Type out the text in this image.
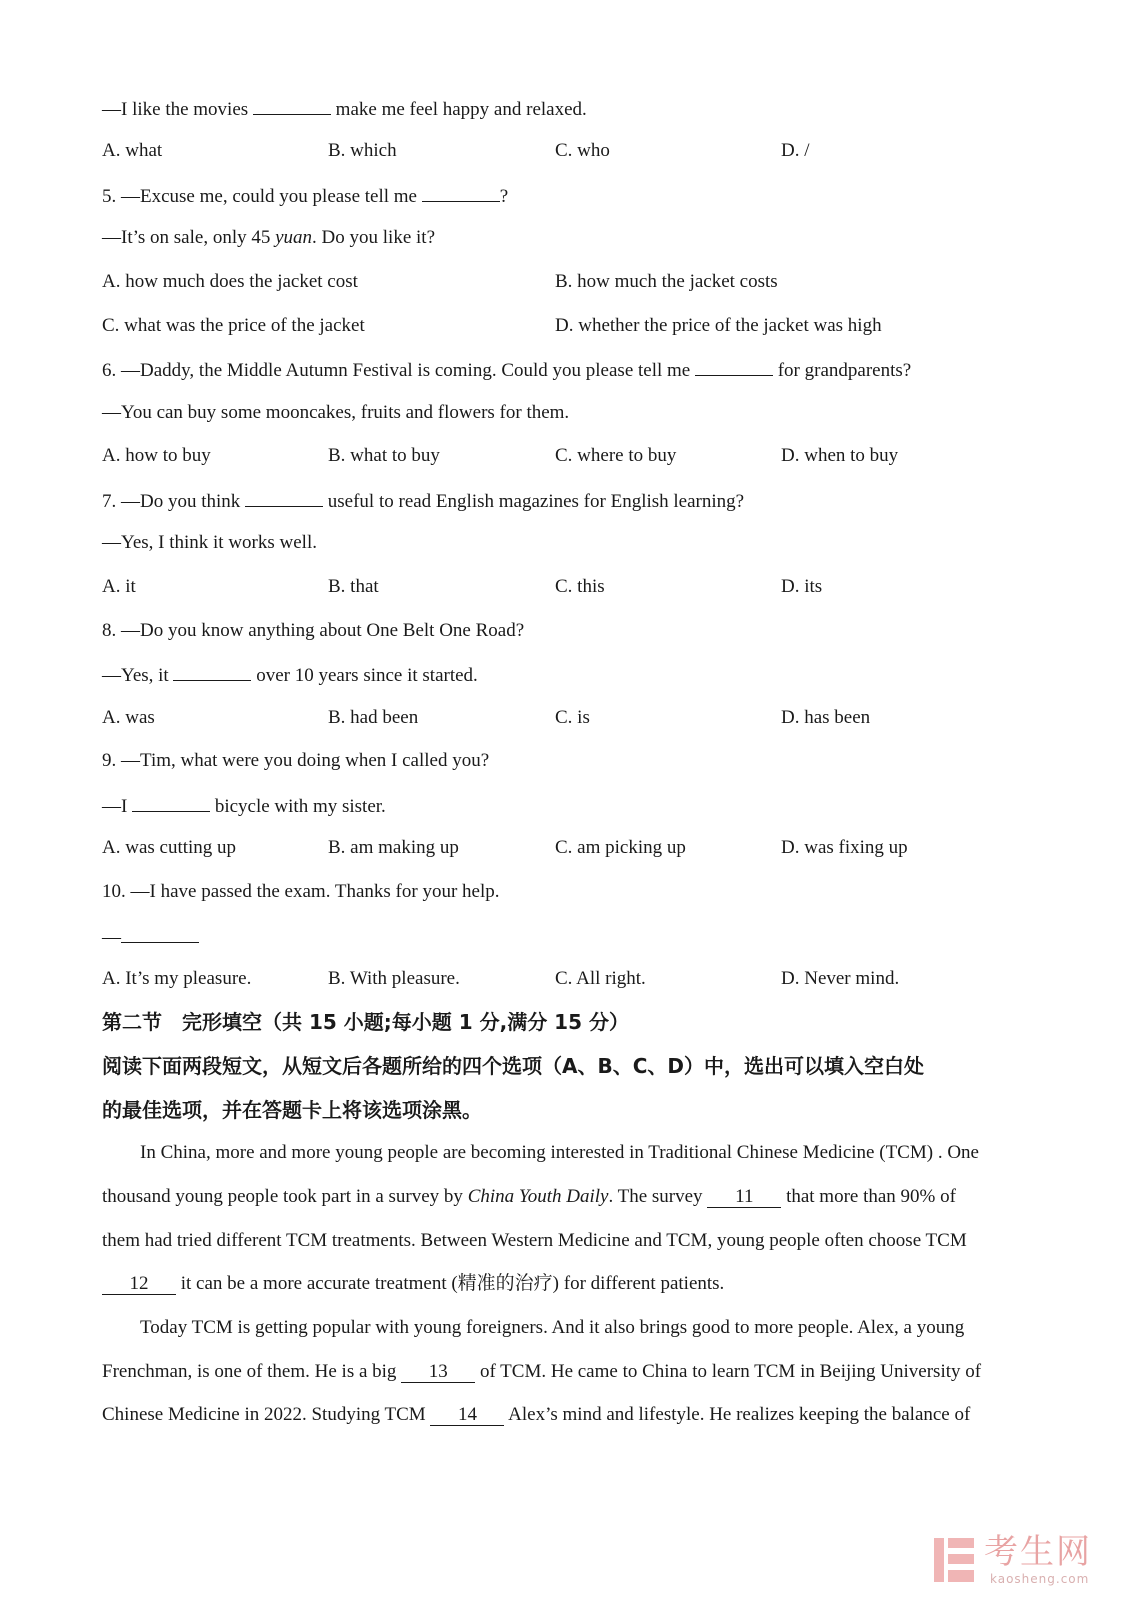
—I like the movies	make me feel happy and relaxed.
A. what	B. which	C. who	D. /
5. —Excuse me, could you please tell me	?
—It’s on sale, only 45 yuan. Do you like it?
A. how much does the jacket cost	B. how much the jacket costs
C. what was the price of the jacket	D. whether the price of the jacket was high
6. —Daddy, the Middle Autumn Festival is coming. Could you please tell me	for grandparents?
—You can buy some mooncakes, fruits and flowers for them.
A. how to buy	B. what to buy	C. where to buy	D. when to buy
7. —Do you think	useful to read English magazines for English learning?
—Yes, I think it works well.
A. it	B. that	C. this	D. its
8. —Do you know anything about One Belt One Road?
—Yes, it	over 10 years since it started.
A. was	B. had been	C. is	D. has been
9. —Tim, what were you doing when I called you?
—I	bicycle with my sister.
A. was cutting up	B. am making up	C. am picking up	D. was fixing up
10. —I have passed the exam. Thanks for your help.
—
A. It’s my pleasure.	B. With pleasure.	C. All right.	D. Never mind.
第二节　完形填空（共 15 小题;每小题 1 分,满分 15 分）
阅读下面两段短文，从短文后各题所给的四个选项（A、B、C、D）中，选出可以填入空白处
的最佳选项，并在答题卡上将该选项涂黑。
In China, more and more young people are becoming interested in Traditional Chinese Medicine (TCM) . One
thousand young people took part in a survey by China Youth Daily. The survey 11 that more than 90% of
them had tried different TCM treatments. Between Western Medicine and TCM, young people often choose TCM
12 it can be a more accurate treatment (精准的治疗) for different patients.
Today TCM is getting popular with young foreigners. And it also brings good to more people. Alex, a young
Frenchman, is one of them. He is a big 13 of TCM. He came to China to learn TCM in Beijing University of
Chinese Medicine in 2022. Studying TCM 14 Alex’s mind and lifestyle. He realizes keeping the balance of
考生网
kaosheng.com
